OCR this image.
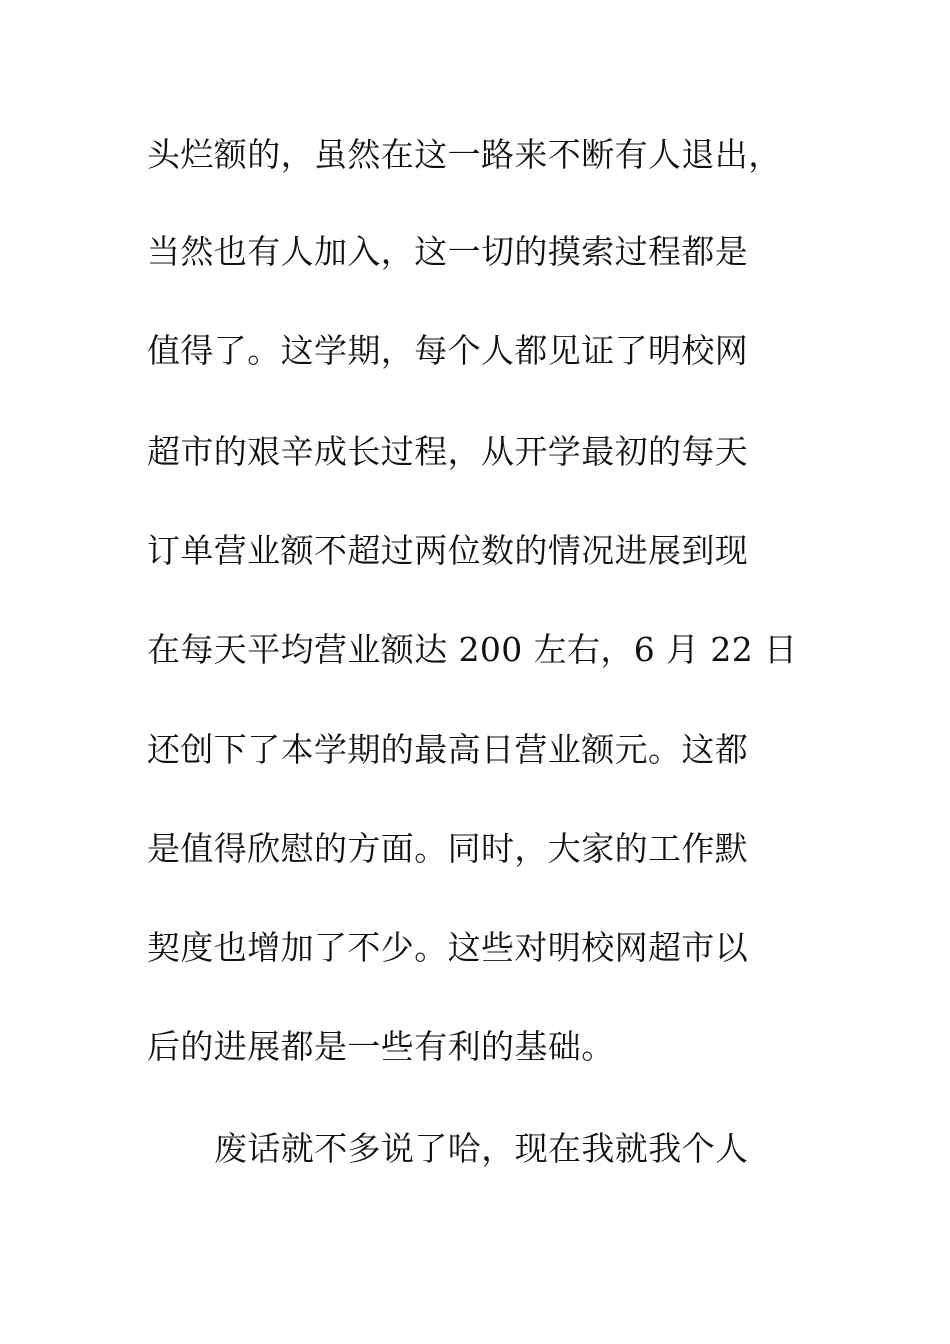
头烂额的，虽然在这一路来不断有人退出，
当然也有人加入，这一切的摸索过程都是
值得了。这学期，每个人都见证了明校网
超市的艰辛成长过程，从开学最初的每天
订单营业额不超过两位数的情况进展到现
在每天平均营业额达 200 左右，6 月 22 日
还创下了本学期的最高日营业额元。这都
是值得欣慰的方面。同时，大家的工作默
契度也增加了不少。这些对明校网超市以
后的进展都是一些有利的基础。
废话就不多说了哈，现在我就我个人
